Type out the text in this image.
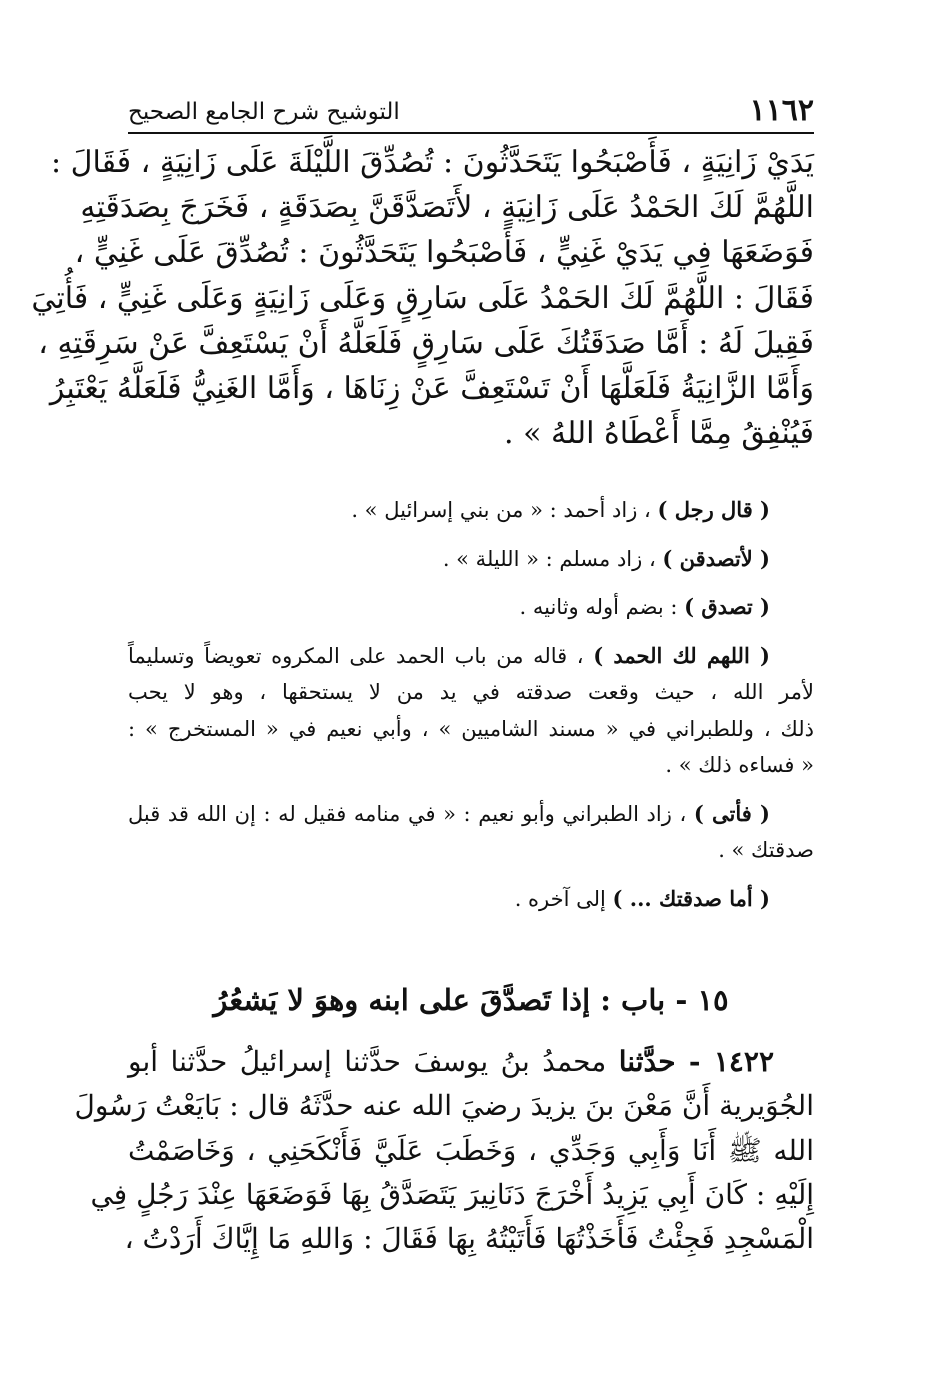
١١٦٢
التوشيح شرح الجامع الصحيح
يَدَيْ زَانِيَةٍ ، فَأَصْبَحُوا يَتَحَدَّثُونَ : تُصُدِّقَ اللَّيْلَةَ عَلَى زَانِيَةٍ ، فَقَالَ :
اللَّهُمَّ لَكَ الحَمْدُ عَلَى زَانِيَةٍ ، لأَتَصَدَّقَنَّ بِصَدَقَةٍ ، فَخَرَجَ بِصَدَقَتِهِ
فَوَضَعَهَا فِي يَدَيْ غَنِيٍّ ، فَأَصْبَحُوا يَتَحَدَّثُونَ : تُصُدِّقَ عَلَى غَنِيٍّ ،
فَقَالَ : اللَّهُمَّ لَكَ الحَمْدُ عَلَى سَارِقٍ وَعَلَى زَانِيَةٍ وَعَلَى غَنِيٍّ ، فَأُتِيَ
فَقِيلَ لَهُ : أَمَّا صَدَقَتُكَ عَلَى سَارِقٍ فَلَعَلَّهُ أَنْ يَسْتَعِفَّ عَنْ سَرِقَتِهِ ،
وَأَمَّا الزَّانِيَةُ فَلَعَلَّهَا أَنْ تَسْتَعِفَّ عَنْ زِنَاهَا ، وَأَمَّا الغَنِيُّ فَلَعَلَّهُ يَعْتَبِرُ
فَيُنْفِقُ مِمَّا أَعْطَاهُ اللهُ » .
( قال رجل ) ، زاد أحمد : « من بني إسرائيل » .
( لأتصدقن ) ، زاد مسلم : « الليلة » .
( تصدق ) : بضم أوله وثانيه .
( اللهم لك الحمد ) ، قاله من باب الحمد على المكروه تعويضاً وتسليماً
لأمر الله ، حيث وقعت صدقته في يد من لا يستحقها ، وهو لا يحب
ذلك ، وللطبراني في « مسند الشاميين » ، وأبي نعيم في « المستخرج » :
« فساءه ذلك » .
( فأتى ) ، زاد الطبراني وأبو نعيم : « في منامه فقيل له : إن الله قد قبل
صدقتك » .
( أما صدقتك ... ) إلى آخره .
١٥ - باب : إذا تَصدَّقَ على ابنه وهوَ لا يَشعُرُ
١٤٢٢ - حدَّثنا محمدُ بنُ يوسفَ حدَّثنا إسرائيلُ حدَّثنا أبو
الجُوَيرية أَنَّ مَعْنَ بنَ يزيدَ رضيَ الله عنه حدَّثَهُ قال : بَايَعْتُ رَسُولَ
الله ﷺ أَنَا وَأَبِي وَجَدِّي ، وَخَطَبَ عَلَيَّ فَأَنْكَحَنِي ، وَخَاصَمْتُ
إِلَيْهِ : كَانَ أَبِي يَزِيدُ أَخْرَجَ دَنَانِيرَ يَتَصَدَّقُ بِهَا فَوَضَعَهَا عِنْدَ رَجُلٍ فِي
الْمَسْجِدِ فَجِئْتُ فَأَخَذْتُهَا فَأَتَيْتُهُ بِهَا فَقَالَ : وَاللهِ مَا إِيَّاكَ أَرَدْتُ ،
